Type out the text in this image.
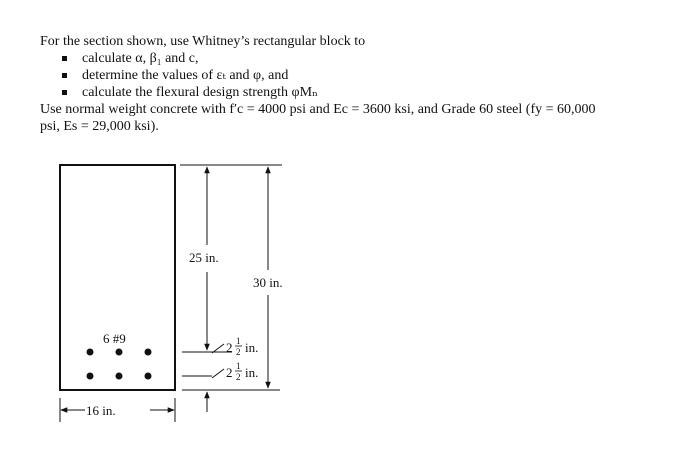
For the section shown, use Whitney’s rectangular block to

calculate α, β₁ and c,
determine the values of εₜ and φ, and
calculate the flexural design strength φMₙ

Use normal weight concrete with f′c = 4000 psi and Ec = 3600 ksi, and Grade 60 steel (fy = 60,000

psi, Es = 29,000 ksi).

6 #9
16 in.
25 in.
30 in.
2 1
2 in.
2 1
2 in.
